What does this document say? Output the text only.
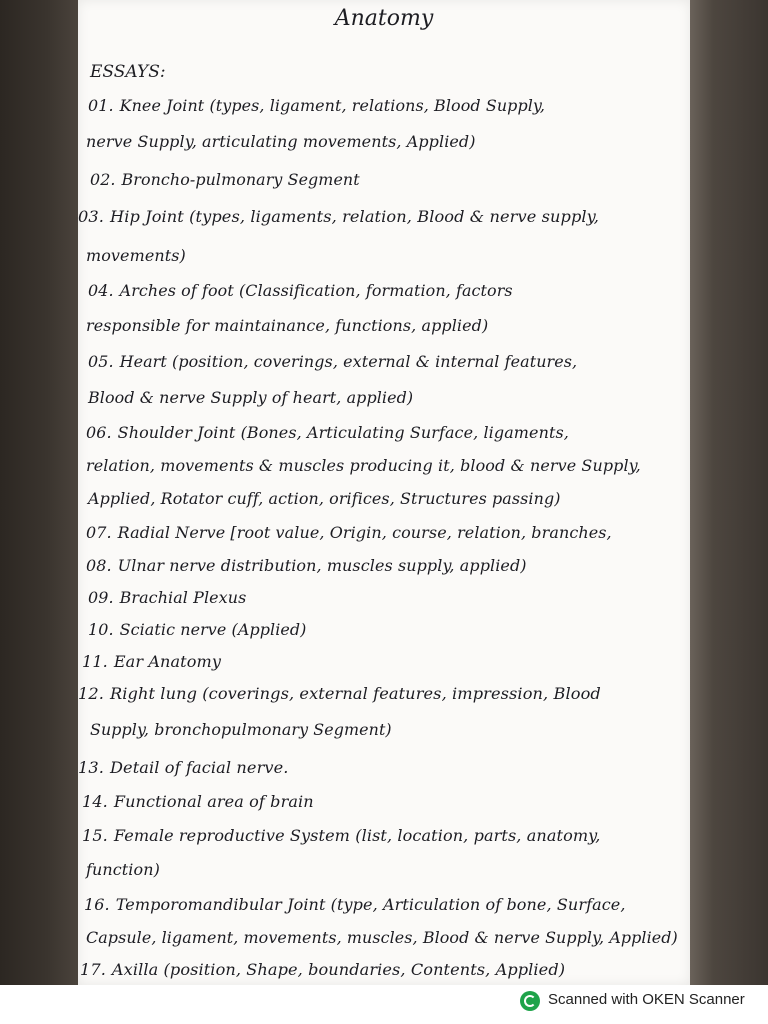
Anatomy
ESSAYS:
01. Knee Joint (types, ligament, relations, Blood Supply,
nerve Supply, articulating movements, Applied)
02. Broncho-pulmonary Segment
03. Hip Joint (types, ligaments, relation, Blood & nerve supply,
movements)
04. Arches of foot (Classification, formation, factors
responsible for maintainance, functions, applied)
05. Heart (position, coverings, external & internal features,
Blood & nerve Supply of heart, applied)
06. Shoulder Joint (Bones, Articulating Surface, ligaments,
relation, movements & muscles producing it, blood & nerve Supply,
Applied, Rotator cuff, action, orifices, Structures passing)
07. Radial Nerve [root value, Origin, course, relation, branches,
08. Ulnar nerve distribution, muscles supply, applied)
09. Brachial Plexus
10. Sciatic nerve (Applied)
11. Ear Anatomy
12. Right lung (coverings, external features, impression, Blood
Supply, bronchopulmonary Segment)
13. Detail of facial nerve.
14. Functional area of brain
15. Female reproductive System (list, location, parts, anatomy,
function)
16. Temporomandibular Joint (type, Articulation of bone, Surface,
Capsule, ligament, movements, muscles, Blood & nerve Supply, Applied)
17. Axilla (position, Shape, boundaries, Contents, Applied)
Scanned with OKEN Scanner
